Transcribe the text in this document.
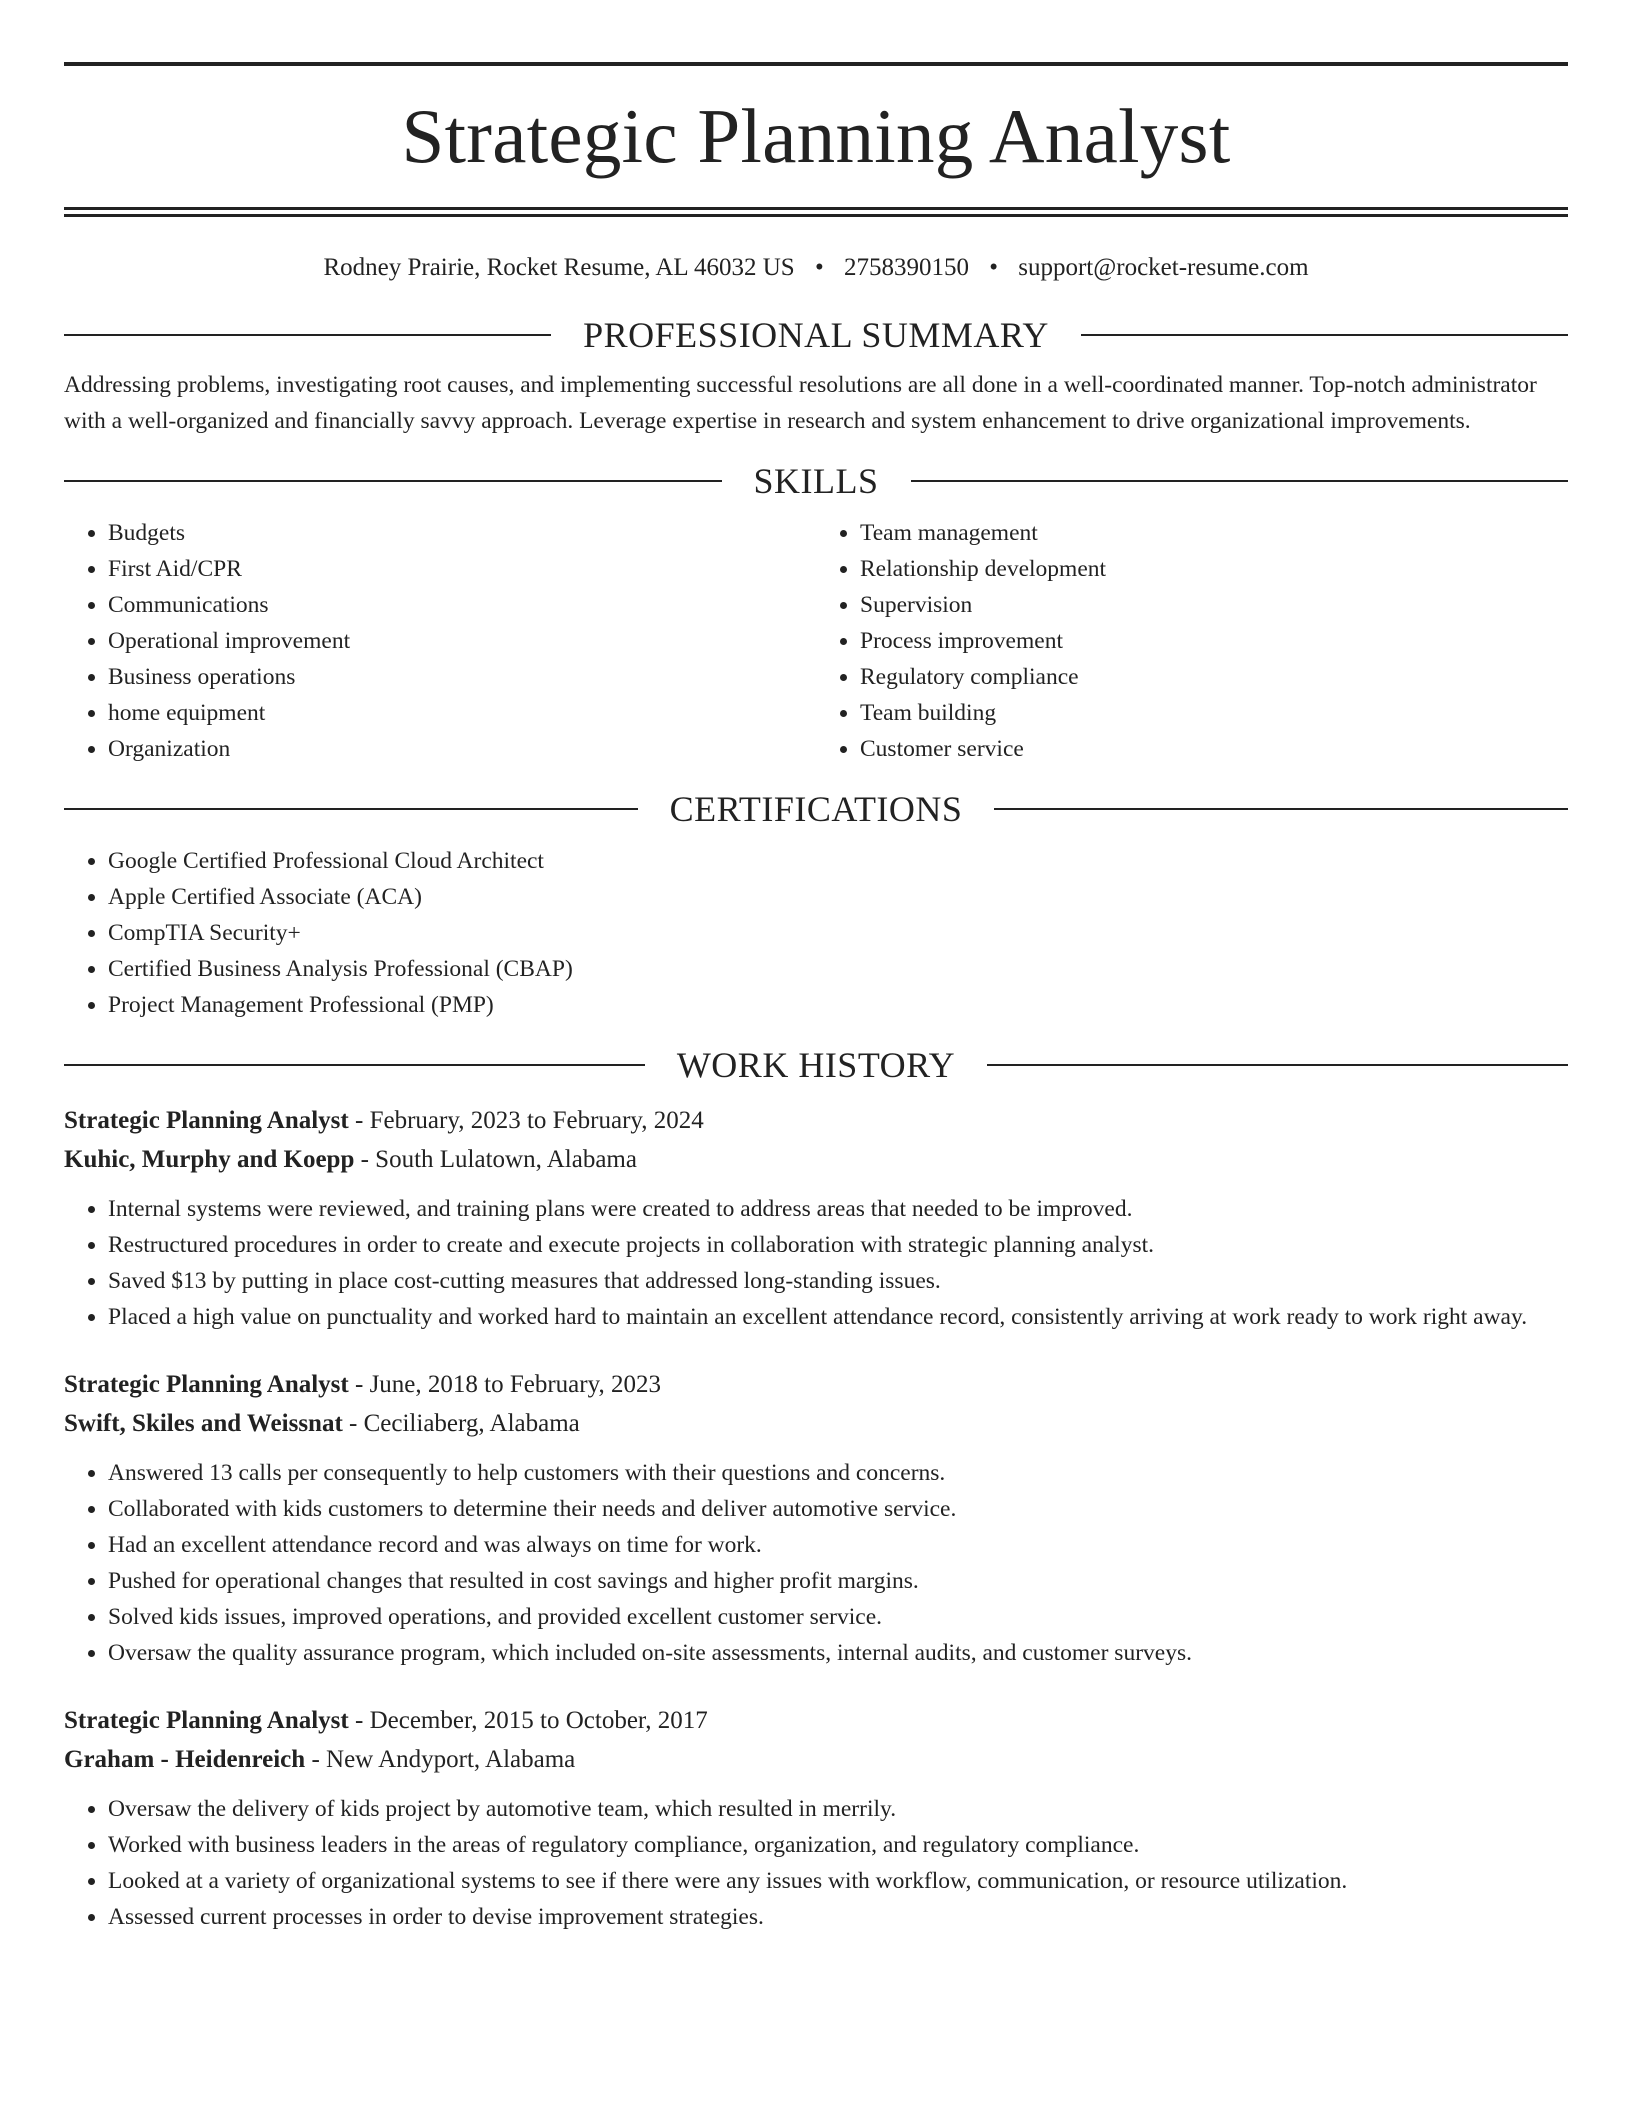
Strategic Planning Analyst
Rodney Prairie, Rocket Resume, AL 46032 US • 2758390150 • support@rocket-resume.com
PROFESSIONAL SUMMARY

Addressing problems, investigating root causes, and implementing successful resolutions are all done in a well-coordinated manner. Top-notch administrator with a well-organized and financially savvy approach. Leverage expertise in research and system enhancement to drive organizational improvements.

SKILLS
• Budgets
• First Aid/CPR
• Communications
• Operational improvement
• Business operations
• home equipment
• Organization
• Team management
• Relationship development
• Supervision
• Process improvement
• Regulatory compliance
• Team building
• Customer service
CERTIFICATIONS
• Google Certified Professional Cloud Architect
• Apple Certified Associate (ACA)
• CompTIA Security+
• Certified Business Analysis Professional (CBAP)
• Project Management Professional (PMP)
WORK HISTORY
Strategic Planning Analyst - February, 2023 to February, 2024
Kuhic, Murphy and Koepp - South Lulatown, Alabama
• Internal systems were reviewed, and training plans were created to address areas that needed to be improved.
• Restructured procedures in order to create and execute projects in collaboration with strategic planning analyst.
• Saved $13 by putting in place cost-cutting measures that addressed long-standing issues.
• Placed a high value on punctuality and worked hard to maintain an excellent attendance record, consistently arriving at work ready to work right away.
Strategic Planning Analyst - June, 2018 to February, 2023
Swift, Skiles and Weissnat - Ceciliaberg, Alabama
• Answered 13 calls per consequently to help customers with their questions and concerns.
• Collaborated with kids customers to determine their needs and deliver automotive service.
• Had an excellent attendance record and was always on time for work.
• Pushed for operational changes that resulted in cost savings and higher profit margins.
• Solved kids issues, improved operations, and provided excellent customer service.
• Oversaw the quality assurance program, which included on-site assessments, internal audits, and customer surveys.
Strategic Planning Analyst - December, 2015 to October, 2017
Graham - Heidenreich - New Andyport, Alabama
• Oversaw the delivery of kids project by automotive team, which resulted in merrily.
• Worked with business leaders in the areas of regulatory compliance, organization, and regulatory compliance.
• Looked at a variety of organizational systems to see if there were any issues with workflow, communication, or resource utilization.
• Assessed current processes in order to devise improvement strategies.
